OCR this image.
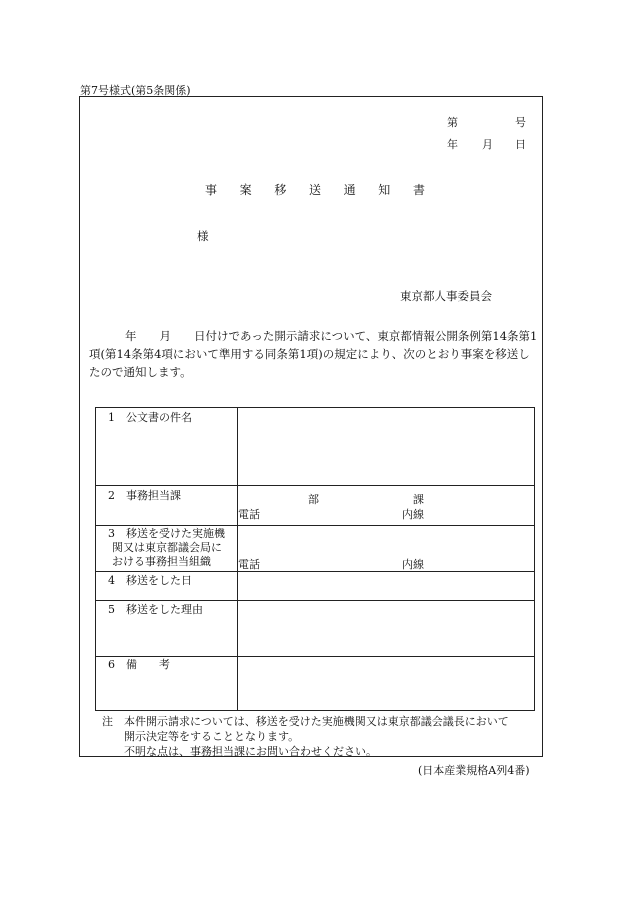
第7号様式(第5条関係)
第	号
年 月 日
事 案 移 送 通 知 書
様
東京都人事委員会
年　　月　　日付けであった開示請求について、東京都情報公開条例第14条第1
項(第14条第4項において準用する同条第1項)の規定により、次のとおり事案を移送し
たので通知します。
1　公文書の件名
2　事務担当課	部	課
電話	内線
3　移送を受けた実施機
関又は東京都議会局に
おける事務担当組織 電話	内線
4　移送をした日
5　移送をした理由
6　備　　考
注　本件開示請求については、移送を受けた実施機関又は東京都議会議長において
開示決定等をすることとなります。
不明な点は、事務担当課にお問い合わせください。
(日本産業規格A列4番)
